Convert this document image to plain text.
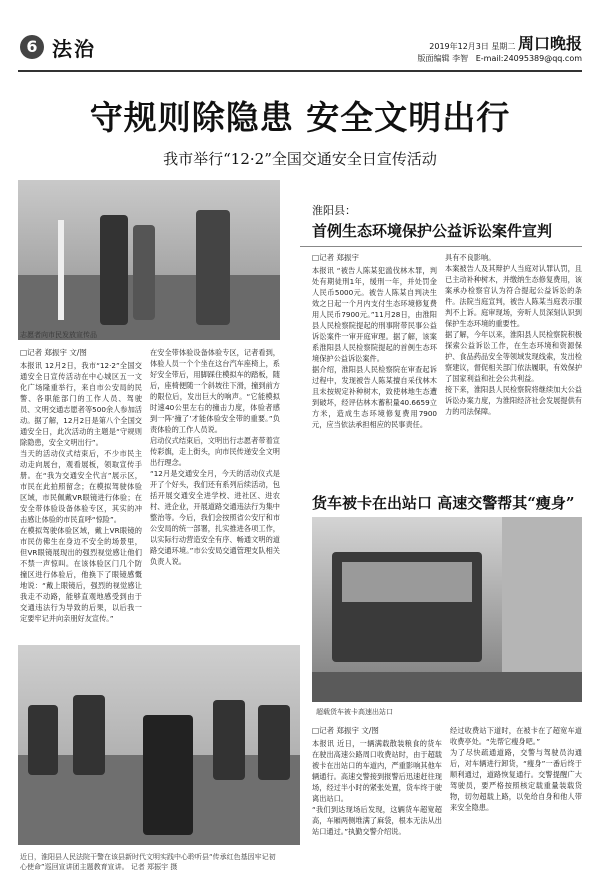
6 法治	2019年12月3日 星期二 周口晚报
版面编辑 李智 E-mail:24095389@qq.com
守规则除隐患 安全文明出行
我市举行“12·2”全国交通安全日宣传活动
志愿者向市民发放宣传品
□记者 郑振宇 文/图

本报讯 12月2日，我市“12·2”全国交通安全日宣传活动在中心城区五一文化广场隆重举行，来自市公安局的民警、各职能部门的工作人员、驾驶员、文明交通志愿者等500余人参加活动。据了解，12月2日是第八个全国交通安全日，此次活动的主题是“守规则除隐患，安全文明出行”。
当天的活动仪式结束后，不少市民主动走向展台，观看展板，领取宣传手册。在“我为交通安全代言”展示区，市民在此拍照留念；在模拟驾驶体验区域，市民佩戴VR眼镜进行体验；在安全带体验设备体验专区，其实的冲击感让体验的市民直呼“惊险”。
在模拟驾驶体验区域，戴上VR眼镜的市民仿佛生在身边不安全的场景里，但VR眼镜展现出的强烈视觉感让他们不禁一声惊叫。在该体验区门几个防撞区进行体验后，他换下了眼镜感慨地说：“戴上眼镜后，强烈的视觉感让我走不动路，能够直观地感受到由于交通违法行为导致的后果，以后我一定要牢记并向亲朋好友宣传。”

在安全带体验设备体验专区，记者看到，体验人员一个个坐在这台汽车座椅上，系好安全带后，用脚踩住模拟车的踏板，随后，座椅便随一个斜坡往下滑，撞到前方的限位后，发出巨大的响声。“它能模拟时速40公里左右的撞击力度，体验者感到一阵‘撞了’才能体验安全带的重要。”负责体验的工作人员说。
启动仪式结束后，文明出行志愿者带着宣传彩旗，走上街头，向市民传递安全文明出行理念。
“12月是交通安全月，今天的活动仪式是开了个好头，我们还有系列后续活动，包括开展交通安全进学校、进社区、进农村、进企业，开展道路交通违法行为集中整治等。今后，我们会按照省公安厅和市公安局的统一部署，扎实推进各项工作，以实际行动营造安全有序、畅通文明的道路交通环境。”市公安局交通管理支队相关负责人说。

淮阳县：
首例生态环境保护公益诉讼案件宣判
□记者 郑振宇

本报讯 “被告人陈某犯滥伐林木罪，判处有期徒刑1年，缓刑一年，并处罚金人民币5000元。被告人陈某自判决生效之日起一个月内支付生态环境修复费用人民币7900元。”11月28日，由淮阳县人民检察院提起的刑事附带民事公益诉讼案件一审开庭审理。据了解，该案系淮阳县人民检察院提起的首例生态环境保护公益诉讼案件。
据介绍，淮阳县人民检察院在审查起诉过程中，发现被告人陈某擅自采伐林木且未按规定补种树木，致使林地生态遭到破坏，经评估林木蓄积量40.6659立方米，造成生态环境修复费用7900元，应当依法承担相应的民事责任。

具有不良影响。
本案被告人及其辩护人当庭对认罪认罚，且已主动补种树木，并缴纳生态修复费用，该案承办检察官认为符合提起公益诉讼的条件。法院当庭宣判，被告人陈某当庭表示服判不上诉。庭审现场，旁听人员深刻认识到保护生态环境的重要性。
据了解，今年以来，淮阳县人民检察院积极探索公益诉讼工作，在生态环境和资源保护、食品药品安全等领域发现线索，发出检察建议，督促相关部门依法履职，有效保护了国家利益和社会公共利益。
接下来，淮阳县人民检察院将继续加大公益诉讼办案力度，为淮阳经济社会发展提供有力的司法保障。

货车被卡在出站口 高速交警帮其“瘦身”
超载货车被卡高速出站口
□记者 郑振宇 文/图

本报讯 近日，一辆满载散装粮食的货车在驶出高速公路周口收费站时，由于超载被卡在出站口的车道内，严重影响其他车辆通行。高速交警接到报警后迅速赶往现场，经过半小时的紧张处置，货车终于驶离出站口。
“我们到达现场后发现，这辆货车超宽超高，车厢两侧堆满了麻袋，根本无法从出站口通过。”执勤交警介绍说。

经过收费站下道时，在被卡在了超宽车道收费亭处。“先帮它瘦身吧。”
为了尽快疏通道路，交警与驾驶员沟通后，对车辆进行卸货，“瘦身”一番后终于顺利通过，道路恢复通行。交警提醒广大驾驶员，要严格按照核定载重量装载货物，切勿超载上路，以免给自身和他人带来安全隐患。

近日，淮阳县人民法院干警在该县新时代文明实践中心聆听县“传承红色基因牢记初心使命”巡回宣讲团主题教育宣讲。 记者 郑振宇 摄
